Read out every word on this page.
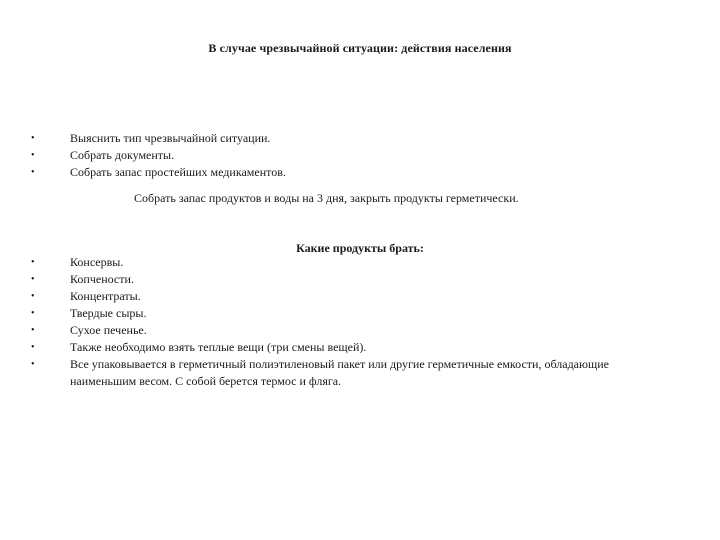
В случае чрезвычайной ситуации: действия населения
•	Выяснить тип чрезвычайной ситуации.
•	Собрать документы.
•	Собрать запас простейших медикаментов.
Собрать запас продуктов и воды на 3 дня, закрыть продукты герметически.
Какие продукты брать:
•	Консервы.
•	Копчености.
•	Концентраты.
•	Твердые сыры.
•	Сухое печенье.
•	Также необходимо взять теплые вещи (три смены вещей).
•	Все упаковывается в герметичный полиэтиленовый пакет или другие герметичные емкости, обладающие наименьшим весом. С собой берется термос и фляга.
